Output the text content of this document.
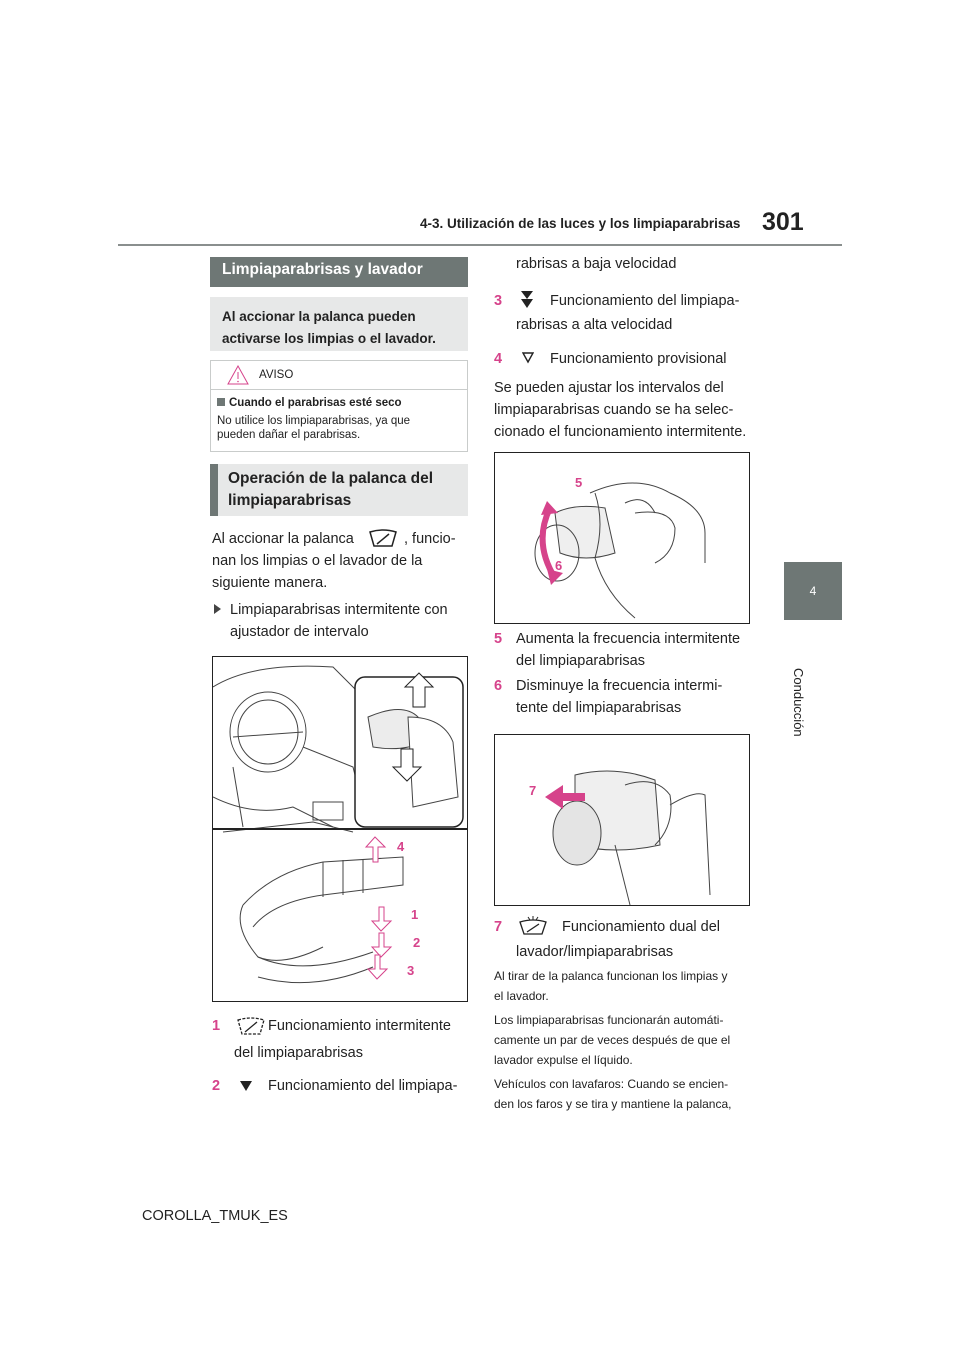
4-3. Utilización de las luces y los limpiaparabrisas 301
4
Conducción
Limpiaparabrisas y lavador
Al accionar la palanca pueden
activarse los limpias o el lavador.
AVISO
Cuando el parabrisas esté seco
No utilice los limpiaparabrisas, ya que
pueden dañar el parabrisas.
Operación de la palanca del
limpiaparabrisas
Al accionar la palanca	, funcio-
nan los limpias o el lavador de la
siguiente manera.
Limpiaparabrisas intermitente con
ajustador de intervalo
4
1
2
3
1	Funcionamiento intermitente
del limpiaparabrisas
2	Funcionamiento del limpiapa-
rabrisas a baja velocidad
3	Funcionamiento del limpiapa-
rabrisas a alta velocidad
4	Funcionamiento provisional
Se pueden ajustar los intervalos del
limpiaparabrisas cuando se ha selec-
cionado el funcionamiento intermitente.
5
6
5 Aumenta la frecuencia intermitente
del limpiaparabrisas
6 Disminuye la frecuencia intermi-
tente del limpiaparabrisas
7
7	Funcionamiento dual del
lavador/limpiaparabrisas
Al tirar de la palanca funcionan los limpias y
el lavador.
Los limpiaparabrisas funcionarán automáti-
camente un par de veces después de que el
lavador expulse el líquido.
Vehículos con lavafaros: Cuando se encien-
den los faros y se tira y mantiene la palanca,
COROLLA_TMUK_ES
